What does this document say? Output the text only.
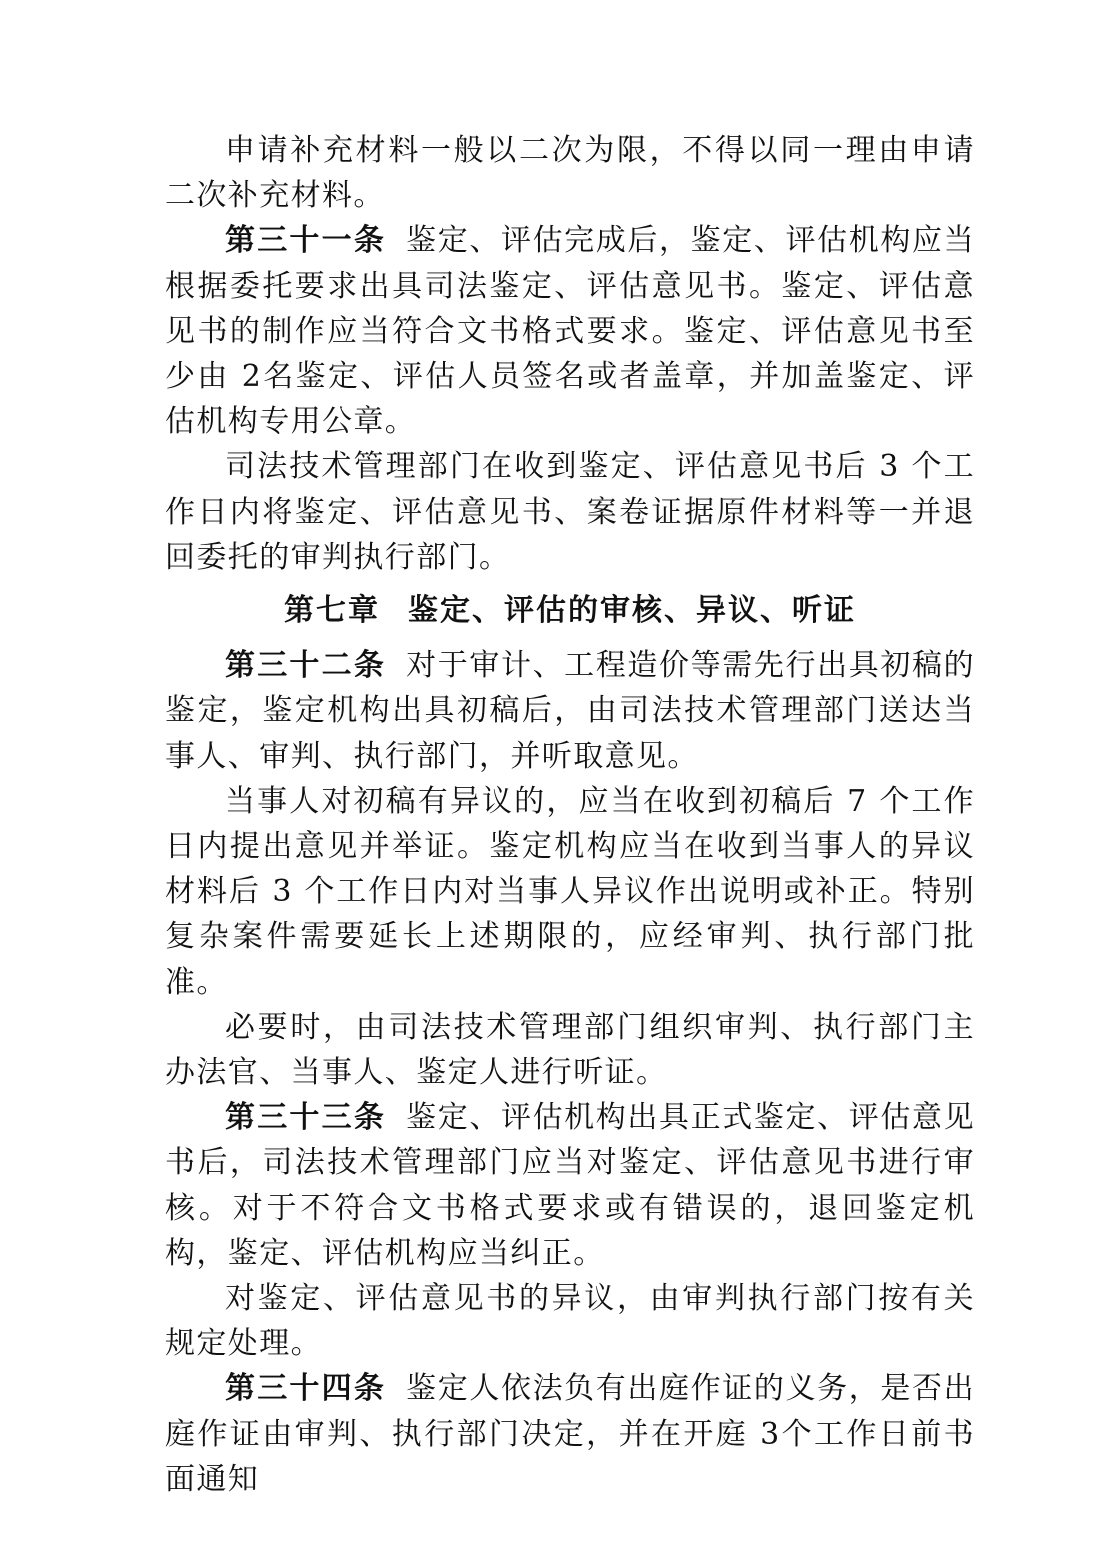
申请补充材料一般以二次为限，不得以同一理由申请二次补充材料。

第三十一条 鉴定、评估完成后，鉴定、评估机构应当根据委托要求出具司法鉴定、评估意见书。鉴定、评估意见书的制作应当符合文书格式要求。鉴定、评估意见书至少由 2名鉴定、评估人员签名或者盖章，并加盖鉴定、评估机构专用公章。

司法技术管理部门在收到鉴定、评估意见书后 3 个工作日内将鉴定、评估意见书、案卷证据原件材料等一并退回委托的审判执行部门。

第七章 鉴定、评估的审核、异议、听证

第三十二条 对于审计、工程造价等需先行出具初稿的鉴定，鉴定机构出具初稿后，由司法技术管理部门送达当事人、审判、执行部门，并听取意见。

当事人对初稿有异议的，应当在收到初稿后 7 个工作日内提出意见并举证。鉴定机构应当在收到当事人的异议材料后 3 个工作日内对当事人异议作出说明或补正。特别复杂案件需要延长上述期限的，应经审判、执行部门批准。

必要时，由司法技术管理部门组织审判、执行部门主办法官、当事人、鉴定人进行听证。

第三十三条 鉴定、评估机构出具正式鉴定、评估意见书后，司法技术管理部门应当对鉴定、评估意见书进行审核。对于不符合文书格式要求或有错误的，退回鉴定机构，鉴定、评估机构应当纠正。

对鉴定、评估意见书的异议，由审判执行部门按有关规定处理。

第三十四条 鉴定人依法负有出庭作证的义务，是否出庭作证由审判、执行部门决定，并在开庭 3个工作日前书面通知
